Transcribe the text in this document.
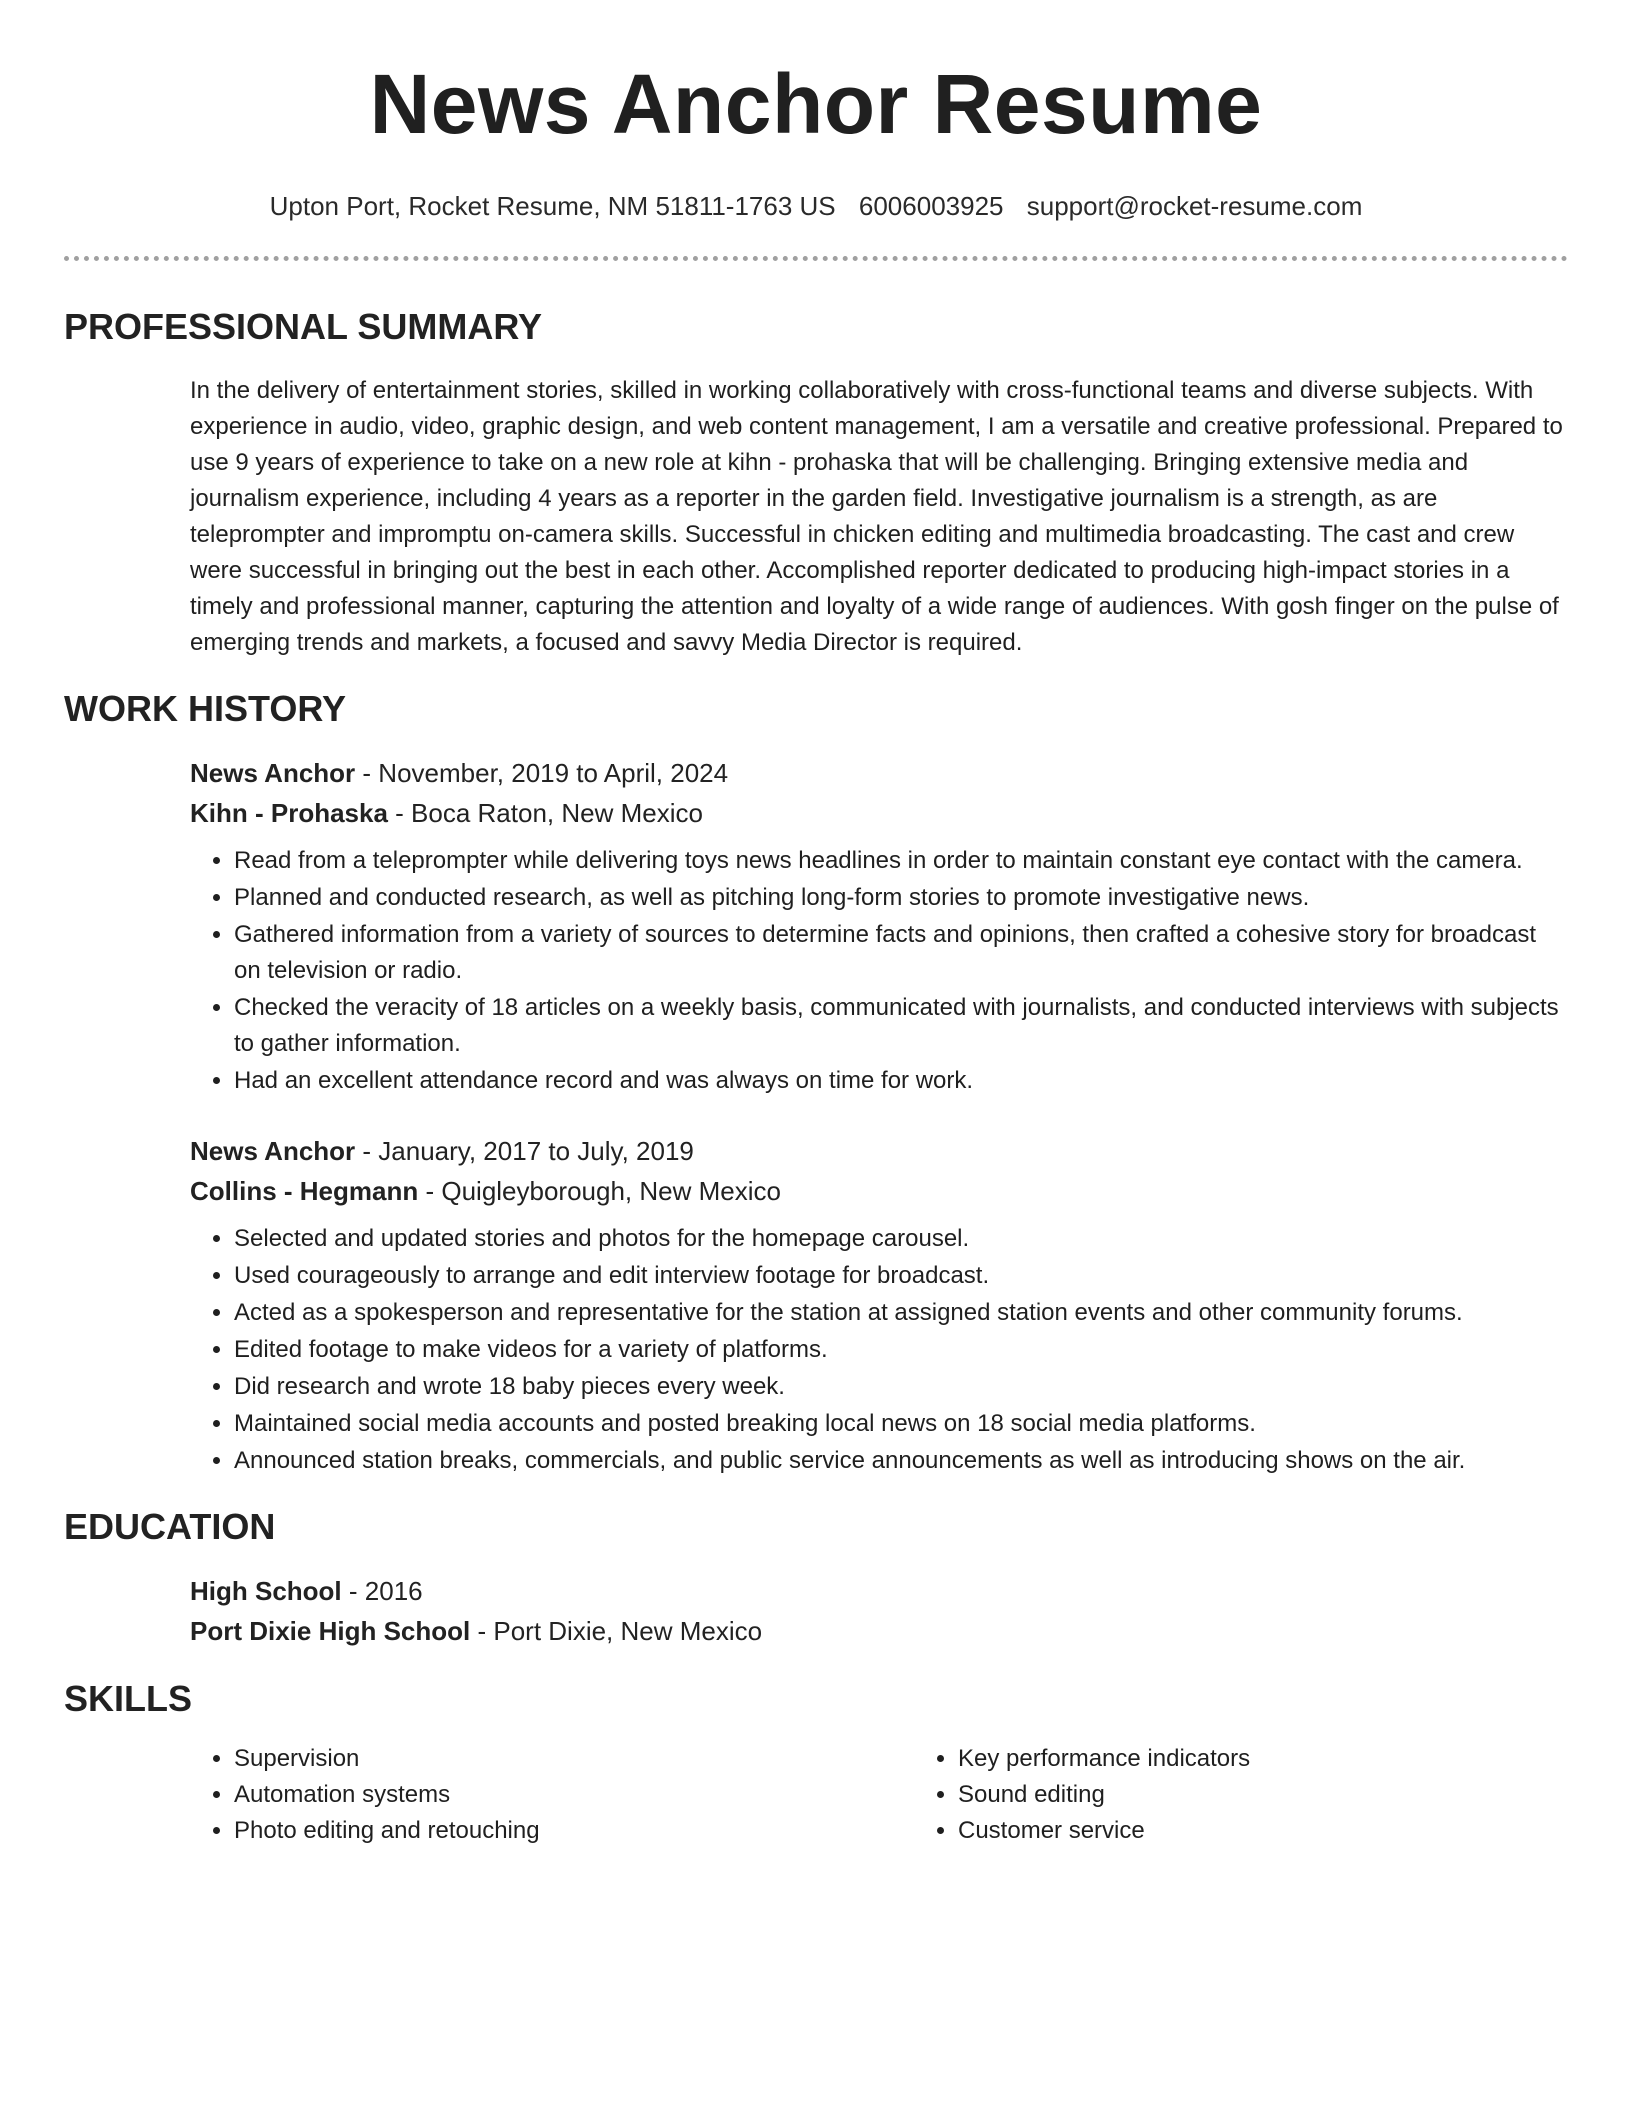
News Anchor Resume
Upton Port, Rocket Resume, NM 51811-1763 US 6006003925 support@rocket-resume.com
PROFESSIONAL SUMMARY

In the delivery of entertainment stories, skilled in working collaboratively with cross-functional teams and diverse subjects. With experience in audio, video, graphic design, and web content management, I am a versatile and creative professional. Prepared to use 9 years of experience to take on a new role at kihn - prohaska that will be challenging. Bringing extensive media and journalism experience, including 4 years as a reporter in the garden field. Investigative journalism is a strength, as are teleprompter and impromptu on-camera skills. Successful in chicken editing and multimedia broadcasting. The cast and crew were successful in bringing out the best in each other. Accomplished reporter dedicated to producing high-impact stories in a timely and professional manner, capturing the attention and loyalty of a wide range of audiences. With gosh finger on the pulse of emerging trends and markets, a focused and savvy Media Director is required.

WORK HISTORY
News Anchor - November, 2019 to April, 2024
Kihn - Prohaska - Boca Raton, New Mexico
• Read from a teleprompter while delivering toys news headlines in order to maintain constant eye contact with the camera.
• Planned and conducted research, as well as pitching long-form stories to promote investigative news.
• Gathered information from a variety of sources to determine facts and opinions, then crafted a cohesive story for broadcast on television or radio.
• Checked the veracity of 18 articles on a weekly basis, communicated with journalists, and conducted interviews with subjects to gather information.
• Had an excellent attendance record and was always on time for work.
News Anchor - January, 2017 to July, 2019
Collins - Hegmann - Quigleyborough, New Mexico
• Selected and updated stories and photos for the homepage carousel.
• Used courageously to arrange and edit interview footage for broadcast.
• Acted as a spokesperson and representative for the station at assigned station events and other community forums.
• Edited footage to make videos for a variety of platforms.
• Did research and wrote 18 baby pieces every week.
• Maintained social media accounts and posted breaking local news on 18 social media platforms.
• Announced station breaks, commercials, and public service announcements as well as introducing shows on the air.
EDUCATION
High School - 2016
Port Dixie High School - Port Dixie, New Mexico
SKILLS
• Supervision
• Automation systems
• Photo editing and retouching
• Key performance indicators
• Sound editing
• Customer service
